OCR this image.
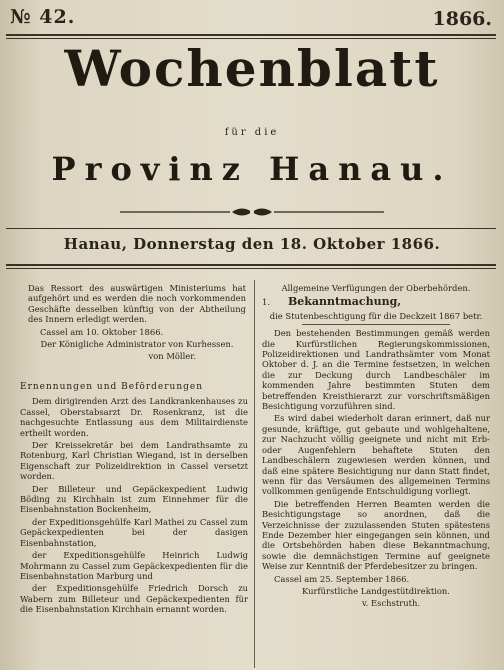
№ 42.	1866.
Wochenblatt
für die
Provinz Hanau.
Hanau, Donnerstag den 18. Oktober 1866.

Das Ressort des auswärtigen Ministeriums hat aufgehört und es werden die noch vorkommenden Geschäfte desselben künftig von der Abtheilung des Innern erledigt werden.

Cassel am 10. Oktober 1866.

Der Königliche Administrator von Kurhessen.

von Möller.

Ernennungen und Beförderungen

Dem dirigirenden Arzt des Landkrankenhauses zu Cassel, Oberstabsarzt Dr. Rosenkranz, ist die nachgesuchte Entlassung aus dem Militairdienste ertheilt worden.

Der Kreissekretär bei dem Landrathsamte zu Rotenburg, Karl Christian Wiegand, ist in derselben Eigenschaft zur Polizeidirektion in Cassel versetzt worden.

Der Billeteur und Gepäckexpedient Ludwig Böding zu Kirchhain ist zum Einnehmer für die Eisenbahnstation Bockenheim,

der Expeditionsgehülfe Karl Mathei zu Cassel zum Gepäckexpedienten bei der dasigen Eisenbahnstation,

der Expeditionsgehülfe Heinrich Ludwig Mohrmann zu Cassel zum Gepäckexpedienten für die Eisenbahnstation Marburg und

der Expeditionsgehülfe Friedrich Dorsch zu Wabern zum Billeteur und Gepäckexpedienten für die Eisenbahnstation Kirchhain ernannt worden.

Allgemeine Verfügungen der Oberbehörden.

1. Bekanntmachung,

die Stutenbeschtigung für die Deckzeit 1867 betr.

Den bestehenden Bestimmungen gemäß werden die Kurfürstlichen Regierungskommissionen, Polizeidirektionen und Landrathsämter vom Monat Oktober d. J. an die Termine festsetzen, in welchen die zur Deckung durch Landbeschäler im kommenden Jahre bestimmten Stuten dem betreffenden Kreisthierarzt zur vorschriftsmäßigen Besichtigung vorzuführen sind.

Es wird dabei wiederholt daran erinnert, daß nur gesunde, kräftige, gut gebaute und wohlgehaltene, zur Nachzucht völlig geeignete und nicht mit Erb- oder Augenfehlern behaftete Stuten den Landbeschälern zugewiesen werden können, und daß eine spätere Besichtigung nur dann Statt findet, wenn für das Versäumen des allgemeinen Termins vollkommen genügende Entschuldigung vorliegt.

Die betreffenden Herren Beamten werden die Besichtigungstage so anordnen, daß die Verzeichnisse der zuzulassenden Stuten spätestens Ende Dezember hier eingegangen sein können, und die Ortsbehörden haben diese Bekanntmachung, sowie die demnächstigen Termine auf geeignete Weise zur Kenntniß der Pferdebesitzer zu bringen.

Cassel am 25. September 1866.

Kurfürstliche Landgestütdirektion.

v. Eschstruth.
